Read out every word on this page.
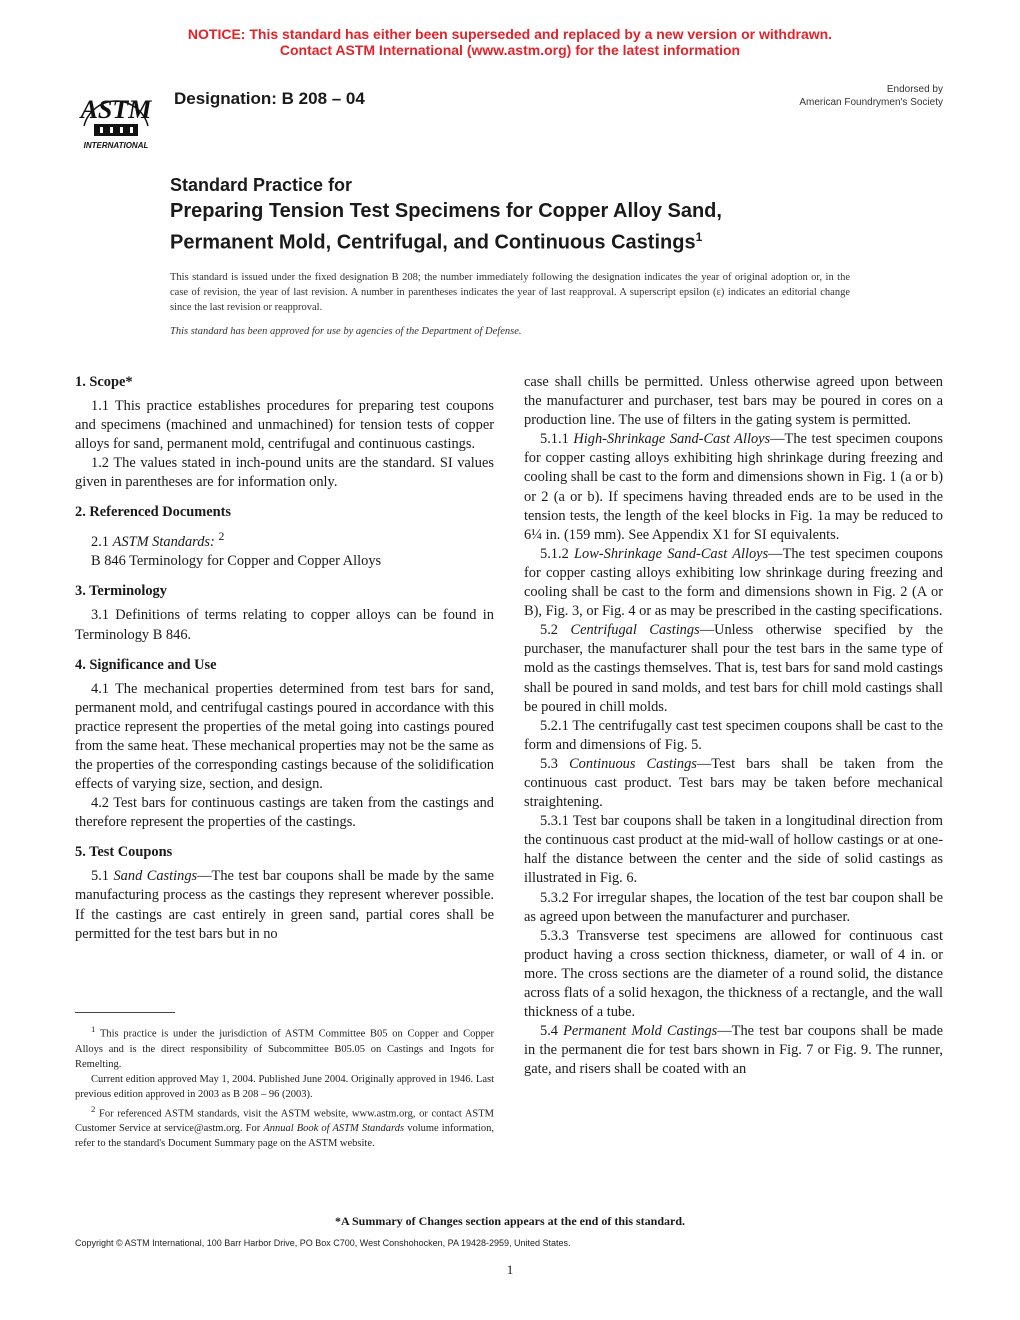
NOTICE: This standard has either been superseded and replaced by a new version or withdrawn.
Contact ASTM International (www.astm.org) for the latest information
ASTM
INTERNATIONAL
Designation: B 208 – 04	Endorsed by
American Foundrymen's Society
Standard Practice for
Preparing Tension Test Specimens for Copper Alloy Sand,
Permanent Mold, Centrifugal, and Continuous Castings$^1$
This standard is issued under the fixed designation B 208; the number immediately following the designation indicates the year of original adoption or, in the case of revision, the year of last revision. A number in parentheses indicates the year of last reapproval. A superscript epsilon (ε) indicates an editorial change since the last revision or reapproval.
This standard has been approved for use by agencies of the Department of Defense.
1. Scope*

1.1 This practice establishes procedures for preparing test coupons and specimens (machined and unmachined) for tension tests of copper alloys for sand, permanent mold, centrifugal and continuous castings.

1.2 The values stated in inch-pound units are the standard. SI values given in parentheses are for information only.

2. Referenced Documents

2.1 ASTM Standards: $^2$

B 846 Terminology for Copper and Copper Alloys

3. Terminology

3.1 Definitions of terms relating to copper alloys can be found in Terminology B 846.

4. Significance and Use

4.1 The mechanical properties determined from test bars for sand, permanent mold, and centrifugal castings poured in accordance with this practice represent the properties of the metal going into castings poured from the same heat. These mechanical properties may not be the same as the properties of the corresponding castings because of the solidification effects of varying size, section, and design.

4.2 Test bars for continuous castings are taken from the castings and therefore represent the properties of the castings.

5. Test Coupons

5.1 Sand Castings—The test bar coupons shall be made by the same manufacturing process as the castings they represent wherever possible. If the castings are cast entirely in green sand, partial cores shall be permitted for the test bars but in no

case shall chills be permitted. Unless otherwise agreed upon between the manufacturer and purchaser, test bars may be poured in cores on a production line. The use of filters in the gating system is permitted.

5.1.1 High-Shrinkage Sand-Cast Alloys—The test specimen coupons for copper casting alloys exhibiting high shrinkage during freezing and cooling shall be cast to the form and dimensions shown in Fig. 1 (a or b) or 2 (a or b). If specimens having threaded ends are to be used in the tension tests, the length of the keel blocks in Fig. 1a may be reduced to 6¼ in. (159 mm). See Appendix X1 for SI equivalents.

5.1.2 Low-Shrinkage Sand-Cast Alloys—The test specimen coupons for copper casting alloys exhibiting low shrinkage during freezing and cooling shall be cast to the form and dimensions shown in Fig. 2 (A or B), Fig. 3, or Fig. 4 or as may be prescribed in the casting specifications.

5.2 Centrifugal Castings—Unless otherwise specified by the purchaser, the manufacturer shall pour the test bars in the same type of mold as the castings themselves. That is, test bars for sand mold castings shall be poured in sand molds, and test bars for chill mold castings shall be poured in chill molds.

5.2.1 The centrifugally cast test specimen coupons shall be cast to the form and dimensions of Fig. 5.

5.3 Continuous Castings—Test bars shall be taken from the continuous cast product. Test bars may be taken before mechanical straightening.

5.3.1 Test bar coupons shall be taken in a longitudinal direction from the continuous cast product at the mid-wall of hollow castings or at one-half the distance between the center and the side of solid castings as illustrated in Fig. 6.

5.3.2 For irregular shapes, the location of the test bar coupon shall be as agreed upon between the manufacturer and purchaser.

5.3.3 Transverse test specimens are allowed for continuous cast product having a cross section thickness, diameter, or wall of 4 in. or more. The cross sections are the diameter of a round solid, the distance across flats of a solid hexagon, the thickness of a rectangle, and the wall thickness of a tube.

5.4 Permanent Mold Castings—The test bar coupons shall be made in the permanent die for test bars shown in Fig. 7 or Fig. 9. The runner, gate, and risers shall be coated with an

$^1$ This practice is under the jurisdiction of ASTM Committee B05 on Copper and Copper Alloys and is the direct responsibility of Subcommittee B05.05 on Castings and Ingots for Remelting.

Current edition approved May 1, 2004. Published June 2004. Originally approved in 1946. Last previous edition approved in 2003 as B 208 – 96 (2003).

$^2$ For referenced ASTM standards, visit the ASTM website, www.astm.org, or contact ASTM Customer Service at service@astm.org. For Annual Book of ASTM Standards volume information, refer to the standard's Document Summary page on the ASTM website.

*A Summary of Changes section appears at the end of this standard.
Copyright © ASTM International, 100 Barr Harbor Drive, PO Box C700, West Conshohocken, PA 19428-2959, United States.
1
